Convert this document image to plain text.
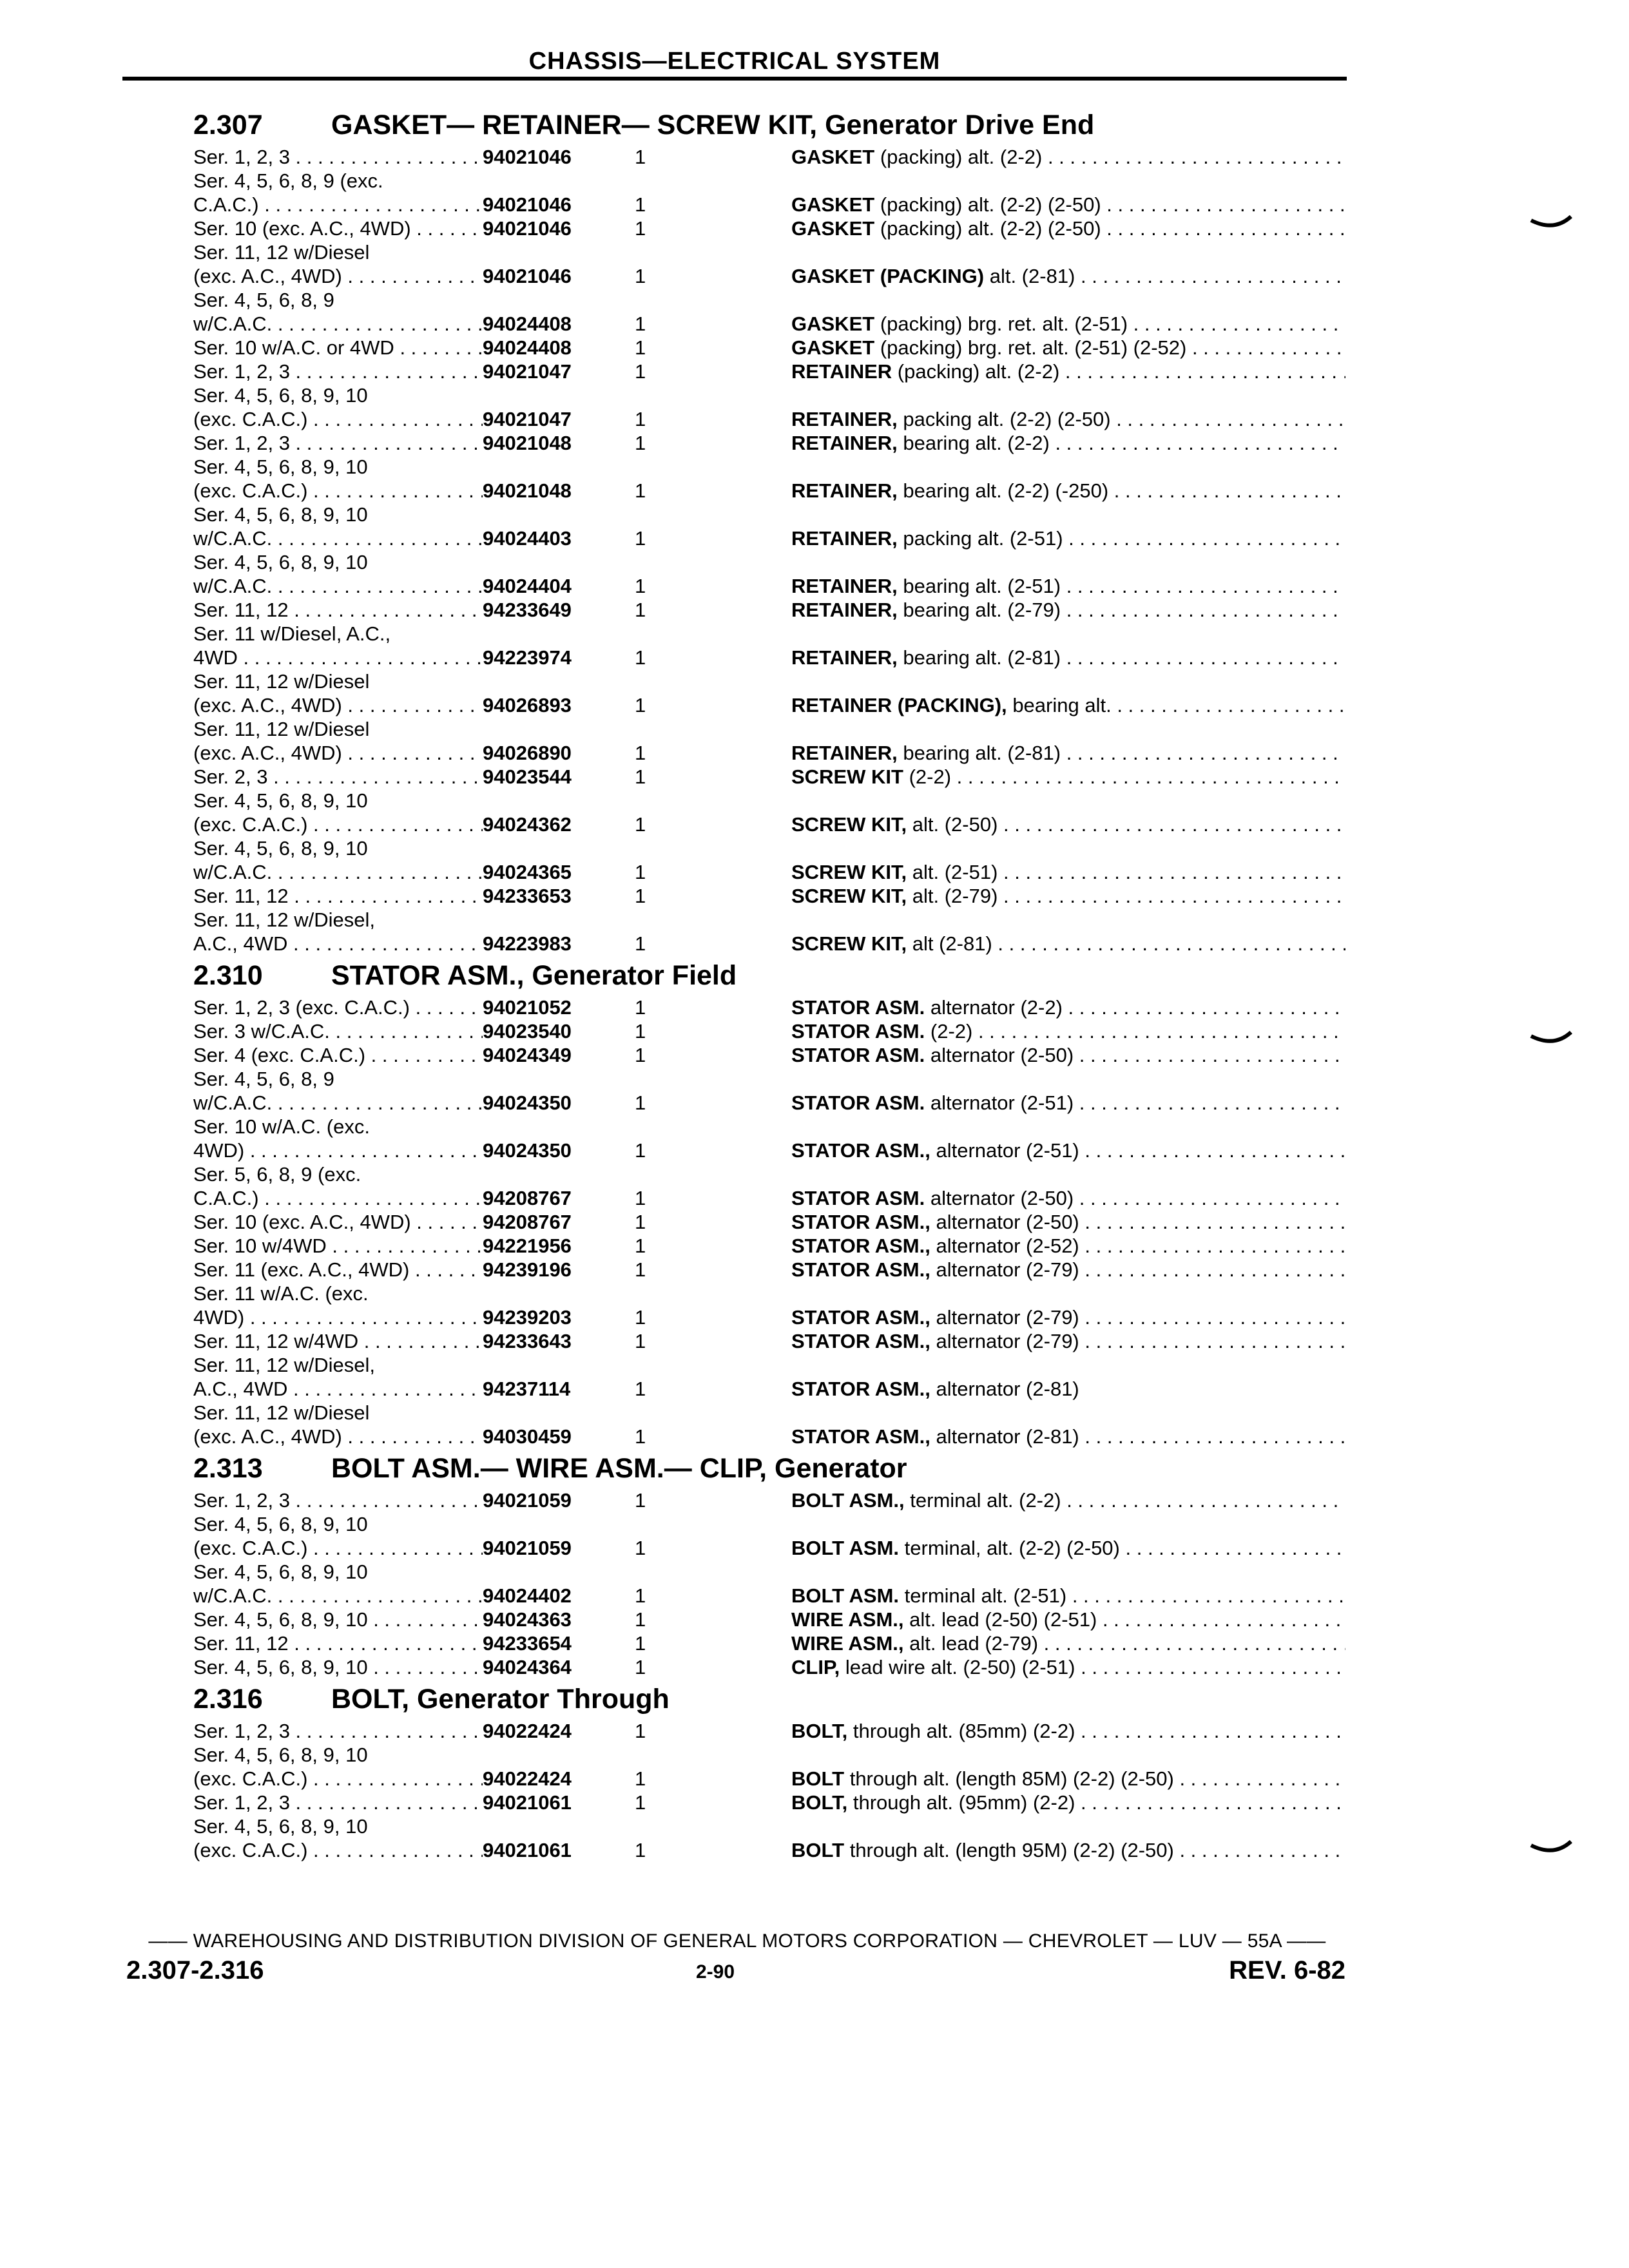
CHASSIS—ELECTRICAL SYSTEM
2.307 GASKET— RETAINER— SCREW KIT, Generator Drive End
Ser. 1, 2, 3 . . .	94021046	1	GASKET (packing) alt. (2-2) . . .
Ser. 4, 5, 6, 8, 9 (exc.
C.A.C.) . . .	94021046	1	GASKET (packing) alt. (2-2) (2-50) . . .
Ser. 10 (exc. A.C., 4WD) . . .	94021046	1	GASKET (packing) alt. (2-2) (2-50) . . .
Ser. 11, 12 w/Diesel
(exc. A.C., 4WD) . . .	94021046	1	GASKET (PACKING) alt. (2-81) . . .
Ser. 4, 5, 6, 8, 9
w/C.A.C. . . .	94024408	1	GASKET (packing) brg. ret. alt. (2-51) . . .
Ser. 10 w/A.C. or 4WD . . .	94024408	1	GASKET (packing) brg. ret. alt. (2-51) (2-52) . . .
Ser. 1, 2, 3 . . .	94021047	1	RETAINER (packing) alt. (2-2) . . .
Ser. 4, 5, 6, 8, 9, 10
(exc. C.A.C.) . . .	94021047	1	RETAINER, packing alt. (2-2) (2-50) . . .
Ser. 1, 2, 3 . . .	94021048	1	RETAINER, bearing alt. (2-2) . . .
Ser. 4, 5, 6, 8, 9, 10
(exc. C.A.C.) . . .	94021048	1	RETAINER, bearing alt. (2-2) (-250) . . .
Ser. 4, 5, 6, 8, 9, 10
w/C.A.C. . . .	94024403	1	RETAINER, packing alt. (2-51) . . .
Ser. 4, 5, 6, 8, 9, 10
w/C.A.C. . . .	94024404	1	RETAINER, bearing alt. (2-51) . . .
Ser. 11, 12 . . .	94233649	1	RETAINER, bearing alt. (2-79) . . .
Ser. 11 w/Diesel, A.C.,
4WD . . .	94223974	1	RETAINER, bearing alt. (2-81) . . .
Ser. 11, 12 w/Diesel
(exc. A.C., 4WD) . . .	94026893	1	RETAINER (PACKING), bearing alt. . . .
Ser. 11, 12 w/Diesel
(exc. A.C., 4WD) . . .	94026890	1	RETAINER, bearing alt. (2-81) . . .
Ser. 2, 3 . . .	94023544	1	SCREW KIT (2-2) . . .
Ser. 4, 5, 6, 8, 9, 10
(exc. C.A.C.) . . .	94024362	1	SCREW KIT, alt. (2-50) . . .
Ser. 4, 5, 6, 8, 9, 10
w/C.A.C. . . .	94024365	1	SCREW KIT, alt. (2-51) . . .
Ser. 11, 12 . . .	94233653	1	SCREW KIT, alt. (2-79) . . .
Ser. 11, 12 w/Diesel,
A.C., 4WD . . .	94223983	1	SCREW KIT, alt (2-81) . . .
2.310 STATOR ASM., Generator Field
Ser. 1, 2, 3 (exc. C.A.C.) . . .	94021052	1	STATOR ASM. alternator (2-2) . . .
Ser. 3 w/C.A.C. . . .	94023540	1	STATOR ASM. (2-2) . . .
Ser. 4 (exc. C.A.C.) . . .	94024349	1	STATOR ASM. alternator (2-50) . . .
Ser. 4, 5, 6, 8, 9
w/C.A.C. . . .	94024350	1	STATOR ASM. alternator (2-51) . . .
Ser. 10 w/A.C. (exc.
4WD) . . .	94024350	1	STATOR ASM., alternator (2-51) . . .
Ser. 5, 6, 8, 9 (exc.
C.A.C.) . . .	94208767	1	STATOR ASM. alternator (2-50) . . .
Ser. 10 (exc. A.C., 4WD) . . .	94208767	1	STATOR ASM., alternator (2-50) . . .
Ser. 10 w/4WD . . .	94221956	1	STATOR ASM., alternator (2-52) . . .
Ser. 11 (exc. A.C., 4WD) . . .	94239196	1	STATOR ASM., alternator (2-79) . . .
Ser. 11 w/A.C. (exc.
4WD) . . .	94239203	1	STATOR ASM., alternator (2-79) . . .
Ser. 11, 12 w/4WD . . .	94233643	1	STATOR ASM., alternator (2-79) . . .
Ser. 11, 12 w/Diesel,
A.C., 4WD . . .	94237114	1	STATOR ASM., alternator (2-81)
Ser. 11, 12 w/Diesel
(exc. A.C., 4WD) . . .	94030459	1	STATOR ASM., alternator (2-81) . . .
2.313 BOLT ASM.— WIRE ASM.— CLIP, Generator
Ser. 1, 2, 3 . . .	94021059	1	BOLT ASM., terminal alt. (2-2) . . .
Ser. 4, 5, 6, 8, 9, 10
(exc. C.A.C.) . . .	94021059	1	BOLT ASM. terminal, alt. (2-2) (2-50) . . .
Ser. 4, 5, 6, 8, 9, 10
w/C.A.C. . . .	94024402	1	BOLT ASM. terminal alt. (2-51) . . .
Ser. 4, 5, 6, 8, 9, 10 . . .	94024363	1	WIRE ASM., alt. lead (2-50) (2-51) . . .
Ser. 11, 12 . . .	94233654	1	WIRE ASM., alt. lead (2-79) . . .
Ser. 4, 5, 6, 8, 9, 10 . . .	94024364	1	CLIP, lead wire alt. (2-50) (2-51) . . .
2.316 BOLT, Generator Through
Ser. 1, 2, 3 . . .	94022424	1	BOLT, through alt. (85mm) (2-2) . . .
Ser. 4, 5, 6, 8, 9, 10
(exc. C.A.C.) . . .	94022424	1	BOLT through alt. (length 85M) (2-2) (2-50) . . .
Ser. 1, 2, 3 . . .	94021061	1	BOLT, through alt. (95mm) (2-2) . . .
Ser. 4, 5, 6, 8, 9, 10
(exc. C.A.C.) . . .	94021061	1	BOLT through alt. (length 95M) (2-2) (2-50) . . .
—— WAREHOUSING AND DISTRIBUTION DIVISION OF GENERAL MOTORS CORPORATION — CHEVROLET — LUV — 55A ——
2.307-2.316	2-90	REV. 6-82
